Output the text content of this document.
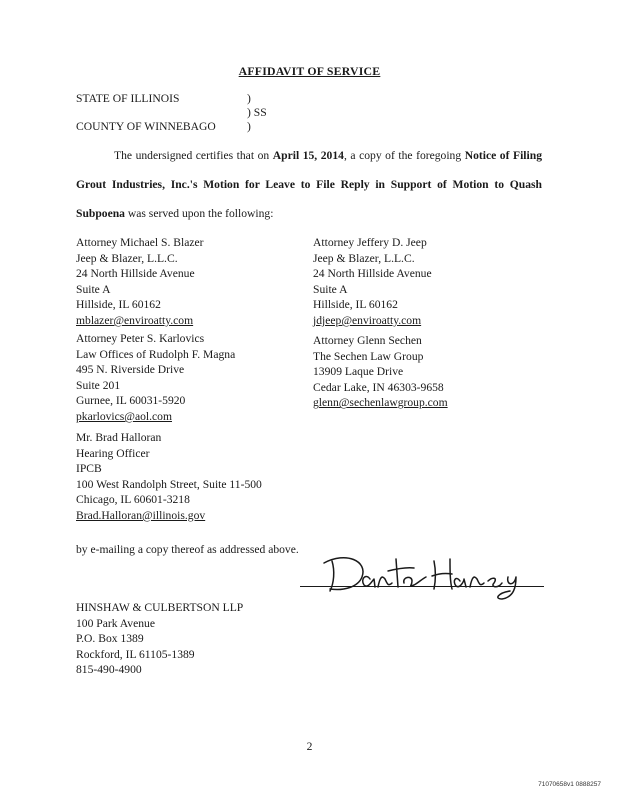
AFFIDAVIT OF SERVICE
STATE OF ILLINOIS
COUNTY OF WINNEBAGO
)
) SS
)

The undersigned certifies that on April 15, 2014, a copy of the foregoing Notice of Filing Grout Industries, Inc.'s Motion for Leave to File Reply in Support of Motion to Quash Subpoena was served upon the following:

Attorney Michael S. Blazer
Jeep & Blazer, L.L.C.
24 North Hillside Avenue
Suite A
Hillside, IL 60162
mblazer@enviroatty.com
Attorney Jeffery D. Jeep
Jeep & Blazer, L.L.C.
24 North Hillside Avenue
Suite A
Hillside, IL 60162
jdjeep@enviroatty.com
Attorney Peter S. Karlovics
Law Offices of Rudolph F. Magna
495 N. Riverside Drive
Suite 201
Gurnee, IL 60031-5920
pkarlovics@aol.com
Attorney Glenn Sechen
The Sechen Law Group
13909 Laque Drive
Cedar Lake, IN 46303-9658
glenn@sechenlawgroup.com
Mr. Brad Halloran
Hearing Officer
IPCB
100 West Randolph Street, Suite 11-500
Chicago, IL 60601-3218
Brad.Halloran@illinois.gov
by e-mailing a copy thereof as addressed above.
HINSHAW & CULBERTSON LLP
100 Park Avenue
P.O. Box 1389
Rockford, IL 61105-1389
815-490-4900
2
71070658v1 0888257
